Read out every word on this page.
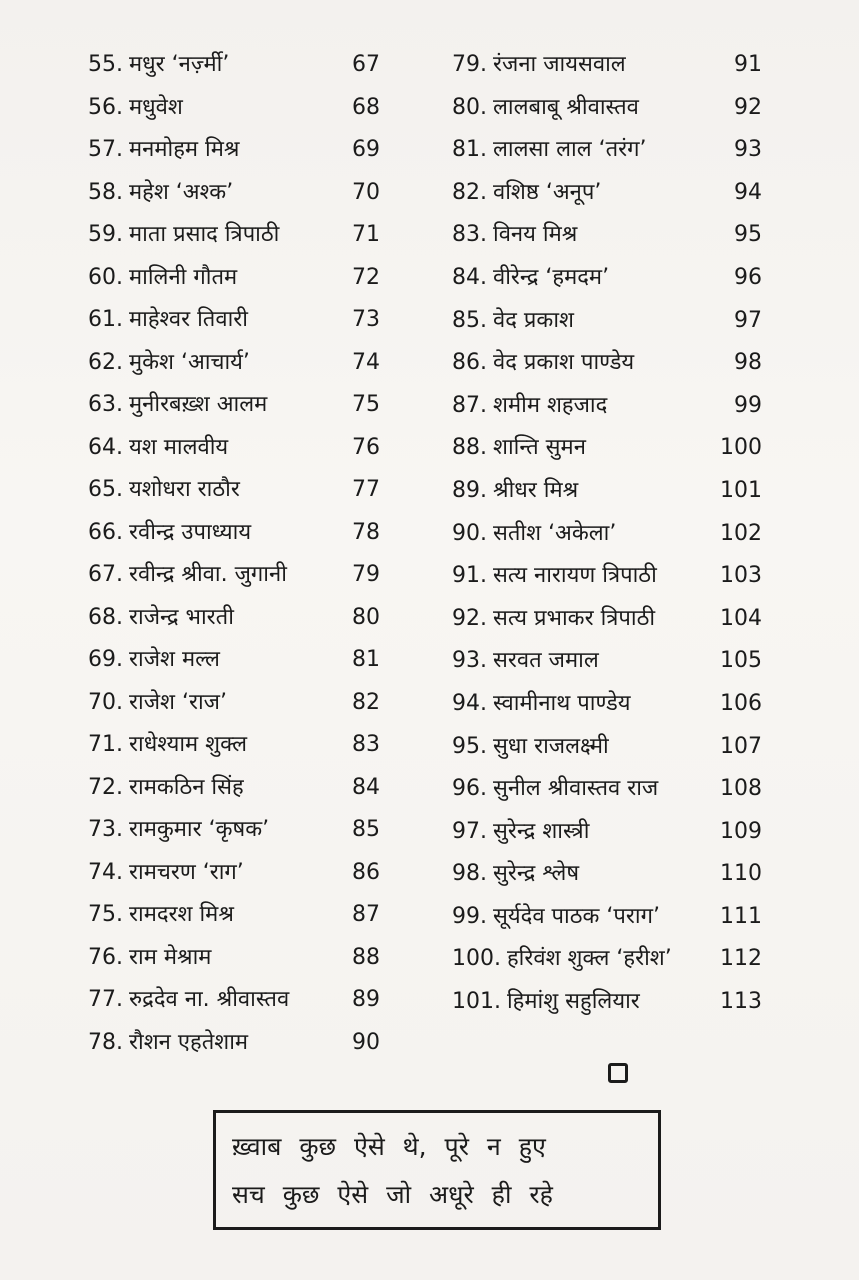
55. मधुर ‘नर्ज़्मी’	67
56. मधुवेश	68
57. मनमोहम मिश्र	69
58. महेश ‘अश्क’	70
59. माता प्रसाद त्रिपाठी	71
60. मालिनी गौतम	72
61. माहेश्वर तिवारी	73
62. मुकेश ‘आचार्य’	74
63. मुनीरबख़्श आलम	75
64. यश मालवीय	76
65. यशोधरा राठौर	77
66. रवीन्द्र उपाध्याय	78
67. रवीन्द्र श्रीवा. जुगानी	79
68. राजेन्द्र भारती	80
69. राजेश मल्ल	81
70. राजेश ‘राज’	82
71. राधेश्याम शुक्ल	83
72. रामकठिन सिंह	84
73. रामकुमार ‘कृषक’	85
74. रामचरण ‘राग’	86
75. रामदरश मिश्र	87
76. राम मेश्राम	88
77. रुद्रदेव ना. श्रीवास्तव	89
78. रौशन एहतेशाम	90
79. रंजना जायसवाल	91
80. लालबाबू श्रीवास्तव	92
81. लालसा लाल ‘तरंग’	93
82. वशिष्ठ ‘अनूप’	94
83. विनय मिश्र	95
84. वीरेन्द्र ‘हमदम’	96
85. वेद प्रकाश	97
86. वेद प्रकाश पाण्डेय	98
87. शमीम शहजाद	99
88. शान्ति सुमन	100
89. श्रीधर मिश्र	101
90. सतीश ‘अकेला’	102
91. सत्य नारायण त्रिपाठी	103
92. सत्य प्रभाकर त्रिपाठी	104
93. सरवत जमाल	105
94. स्वामीनाथ पाण्डेय	106
95. सुधा राजलक्ष्मी	107
96. सुनील श्रीवास्तव राज	108
97. सुरेन्द्र शास्त्री	109
98. सुरेन्द्र श्लेष	110
99. सूर्यदेव पाठक ‘पराग’	111
100. हरिवंश शुक्ल ‘हरीश’ 112
101. हिमांशु सहुलियार	113
ख़्वाब कुछ ऐसे थे, पूरे न हुए
सच कुछ ऐसे जो अधूरे ही रहे
